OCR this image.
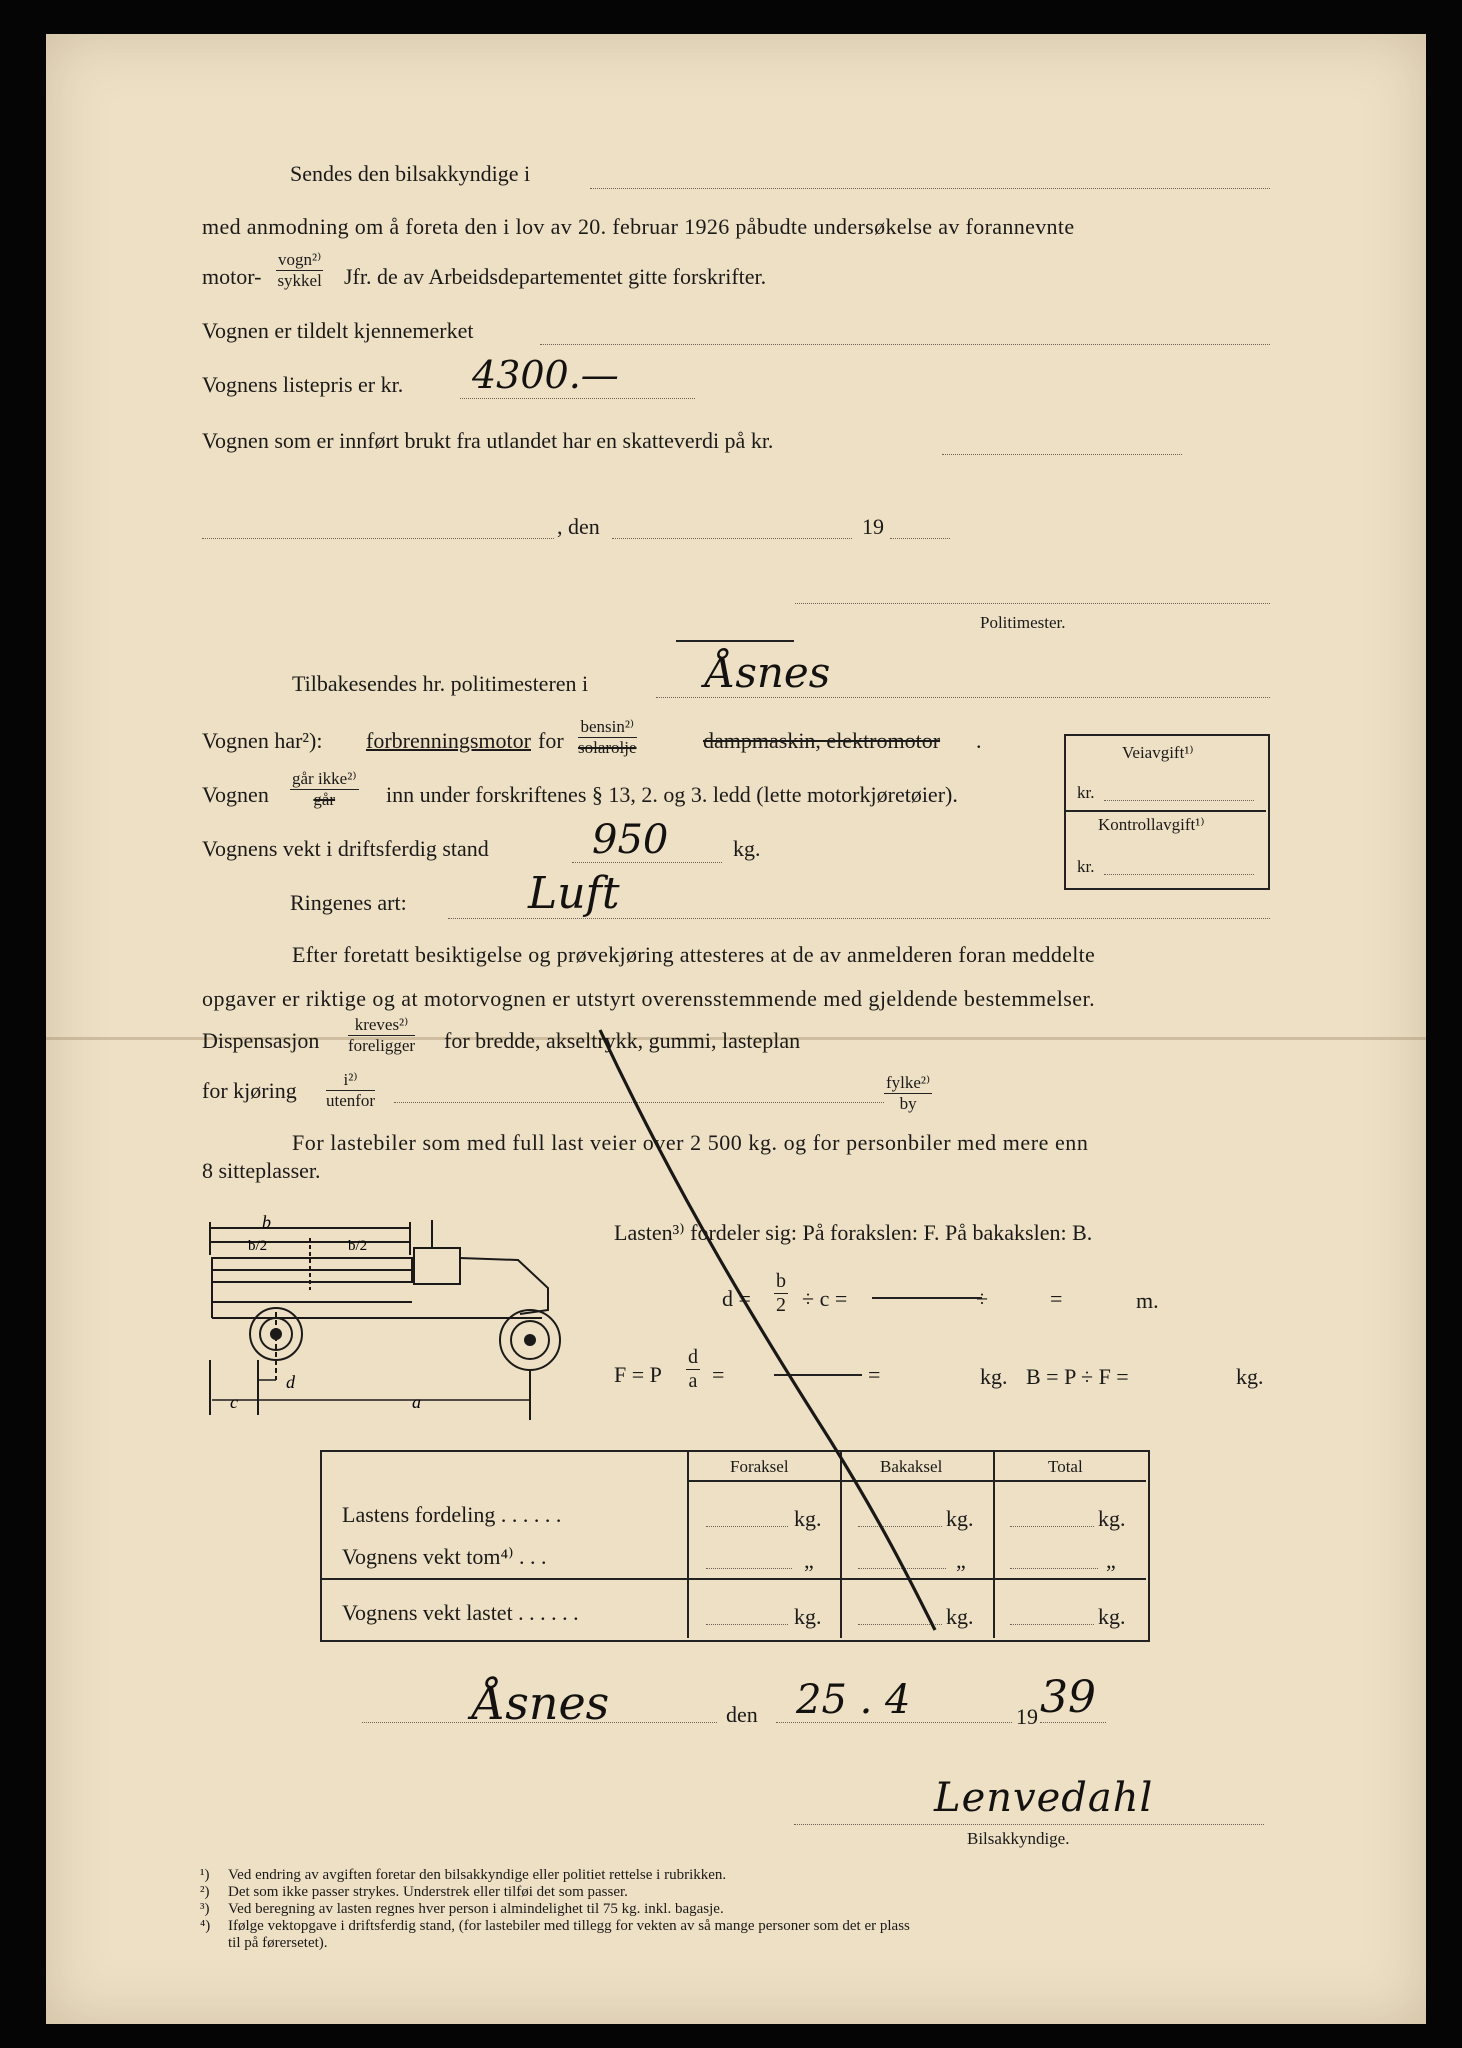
Sendes den bilsakkyndige i
med anmodning om å foreta den i lov av 20. februar 1926 påbudte undersøkelse av forannevnte
motor-
vogn²⁾
sykkel Jfr. de av Arbeidsdepartementet gitte forskrifter.
Vognen er tildelt kjennemerket
Vognens listepris er kr. 4300.—
Vognen som er innført brukt fra utlandet har en skatteverdi på kr.
, den	19
Politimester.
Tilbakesendes hr. politimesteren i	Åsnes
Vognen har²): forbrenningsmotor for
bensin²⁾
solarolje	dampmaskin, elektromotor .
Vognen
går ikke²⁾
går	inn under forskriftenes § 13, 2. og 3. ledd (lette motorkjøretøier).
Vognens vekt i driftsferdig stand	950	kg.
Ringenes art:	Luft
Veiavgift¹⁾
kr.
Kontrollavgift¹⁾
kr.
Efter foretatt besiktigelse og prøvekjøring attesteres at de av anmelderen foran meddelte
opgaver er riktige og at motorvognen er utstyrt overensstemmende med gjeldende bestemmelser.
Dispensasjon
kreves²⁾
foreligger for bredde, akseltrykk, gummi, lasteplan
for kjøring	i²⁾
utenfor
fylke²⁾
by
For lastebiler som med full last veier over 2 500 kg. og for personbiler med mere enn
8 sitteplasser.
b
b/2	b/2
d
c	a
Lasten³⁾ fordeler sig: På forakslen: F. På bakakslen: B.
$d = \frac{b}{2} \div c$ =	÷	=	m.
F = P $\frac{d}{a}$ =	=	kg. B = P ÷ F =	kg.
Foraksel	Bakaksel	Total
Lastens fordeling . . . . . .	kg.	kg.	kg.
Vognens vekt tom⁴⁾ . . .	„	„	„
Vognens vekt lastet . . . . . .	kg.	kg.	kg.
Åsnes	den 25 . 4	19 39
Lenvedahl
Bilsakkyndige.
¹) Ved endring av avgiften foretar den bilsakkyndige eller politiet rettelse i rubrikken.
²) Det som ikke passer strykes. Understrek eller tilføi det som passer.
³) Ved beregning av lasten regnes hver person i almindelighet til 75 kg. inkl. bagasje.
⁴) Ifølge vektopgave i driftsferdig stand, (for lastebiler med tillegg for vekten av så mange personer som det er plass
til på førersetet).
